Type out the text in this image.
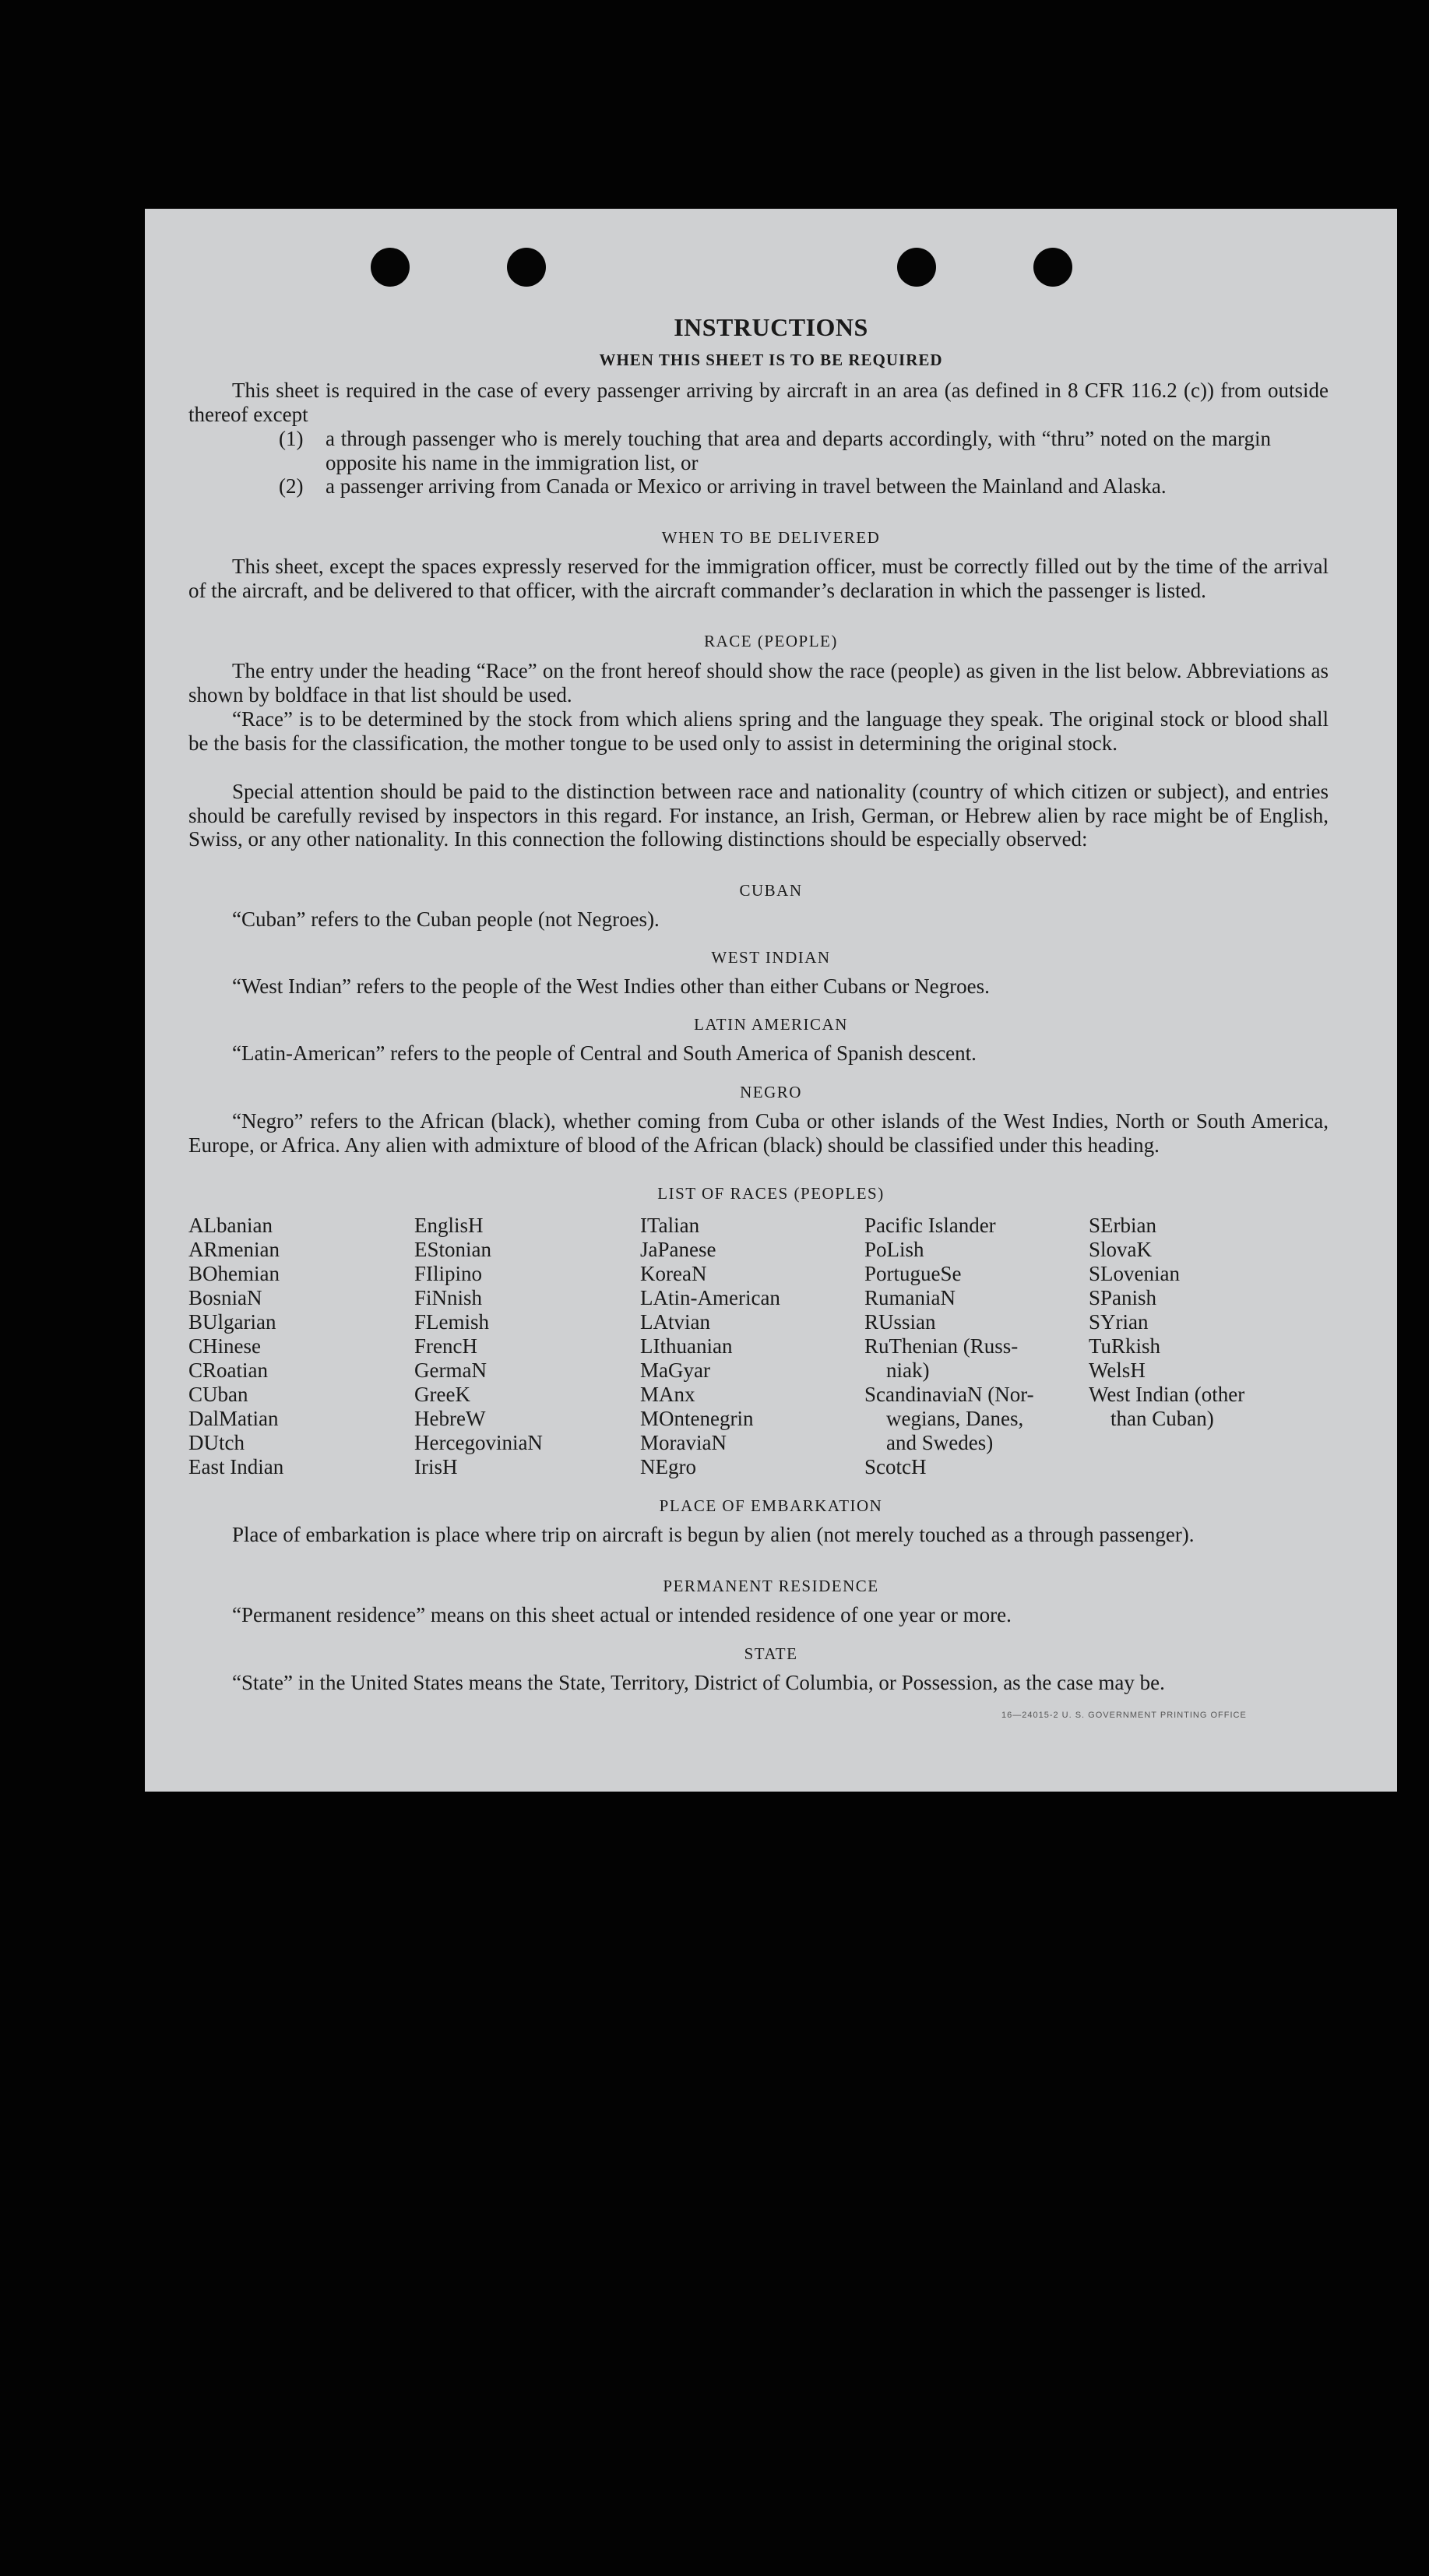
INSTRUCTIONS
WHEN THIS SHEET IS TO BE REQUIRED

This sheet is required in the case of every passenger arriving by aircraft in an area (as defined in 8 CFR 116.2 (c)) from outside thereof except

(1) a through passenger who is merely touching that area and departs accordingly, with “thru” noted on the margin opposite his name in the immigration list, or
(2) a passenger arriving from Canada or Mexico or arriving in travel between the Mainland and Alaska.
WHEN TO BE DELIVERED

This sheet, except the spaces expressly reserved for the immigration officer, must be correctly filled out by the time of the arrival of the aircraft, and be delivered to that officer, with the aircraft commander’s declaration in which the passenger is listed.

RACE (PEOPLE)

The entry under the heading “Race” on the front hereof should show the race (people) as given in the list below. Abbreviations as shown by boldface in that list should be used.

“Race” is to be determined by the stock from which aliens spring and the language they speak. The original stock or blood shall be the basis for the classification, the mother tongue to be used only to assist in determining the original stock.

Special attention should be paid to the distinction between race and nationality (country of which citizen or subject), and entries should be carefully revised by inspectors in this regard. For instance, an Irish, German, or Hebrew alien by race might be of English, Swiss, or any other nationality. In this connection the following distinctions should be especially observed:

CUBAN

“Cuban” refers to the Cuban people (not Negroes).

WEST INDIAN

“West Indian” refers to the people of the West Indies other than either Cubans or Negroes.

LATIN AMERICAN

“Latin-American” refers to the people of Central and South America of Spanish descent.

NEGRO

“Negro” refers to the African (black), whether coming from Cuba or other islands of the West Indies, North or South America, Europe, or Africa. Any alien with admixture of blood of the African (black) should be classified under this heading.

LIST OF RACES (PEOPLES)
ALbanian
ARmenian
BOhemian
BosniaN
BUlgarian
CHinese
CRoatian
CUban
DalMatian
DUtch
East Indian
EnglisH
EStonian
FIlipino
FiNnish
FLemish
FrencH
GermaN
GreeK
HebreW
HercegoviniaN
IrisH
ITalian
JaPanese
KoreaN
LAtin-American
LAtvian
LIthuanian
MaGyar
MAnx
MOntenegrin
MoraviaN
NEgro
Pacific Islander
PoLish
PortugueSe
RumaniaN
RUssian
RuThenian (Russ-
niak)
ScandinaviaN (Nor-
wegians, Danes,
and Swedes)
ScotcH
SErbian
SlovaK
SLovenian
SPanish
SYrian
TuRkish
WelsH
West Indian (other
than Cuban)
PLACE OF EMBARKATION

Place of embarkation is place where trip on aircraft is begun by alien (not merely touched as a through passenger).

PERMANENT RESIDENCE

“Permanent residence” means on this sheet actual or intended residence of one year or more.

STATE

“State” in the United States means the State, Territory, District of Columbia, or Possession, as the case may be.

16—24015-2 U. S. GOVERNMENT PRINTING OFFICE
